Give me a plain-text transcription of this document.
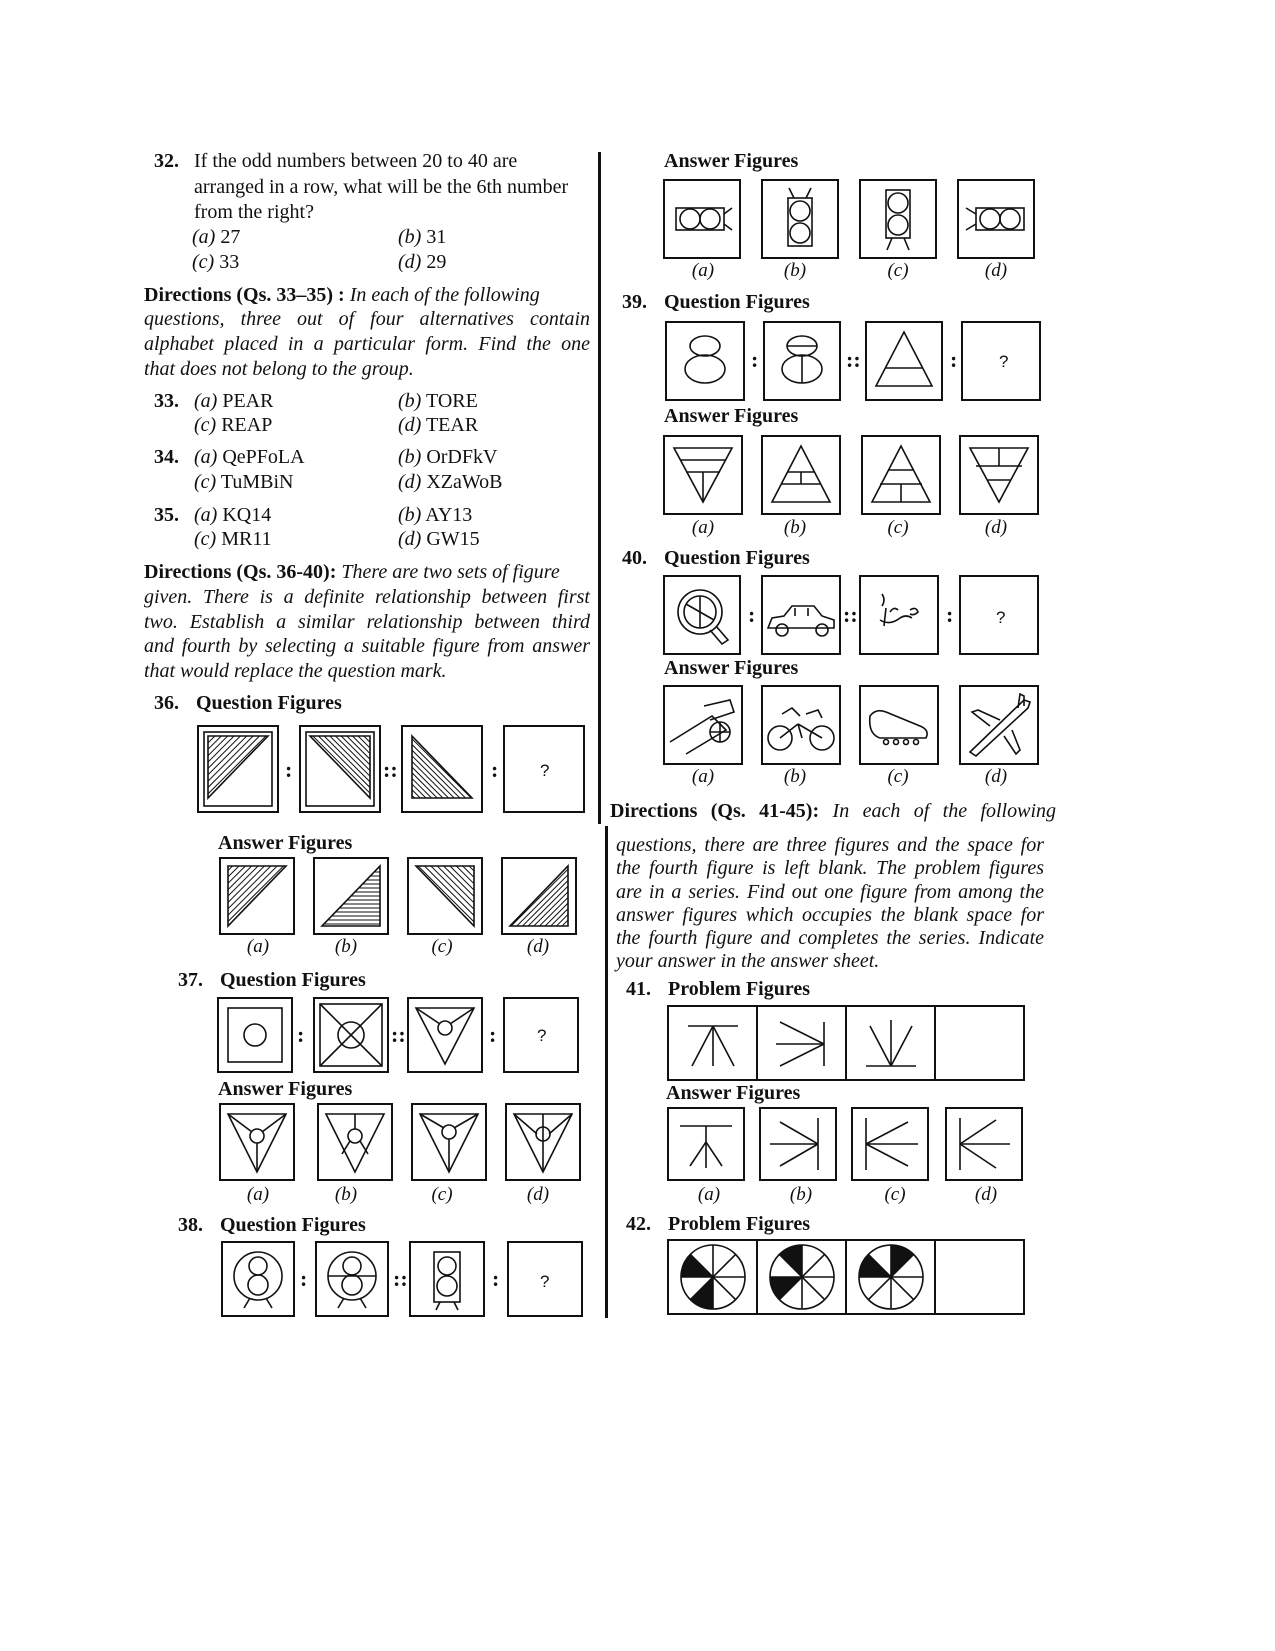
32. If the odd numbers between 20 to 40 are
arranged in a row, what will be the 6th number
from the right?
(a) 27	(b) 31
(c) 33	(d) 29
Directions (Qs. 33–35) : In each of the following
questions, three out of four alternatives contain
alphabet placed in a particular form. Find the one
that does not belong to the group.
33. (a) PEAR	(b) TORE
(c) REAP	(d) TEAR
34. (a) QePFoLA	(b) OrDFkV
(c) TuMBiN	(d) XZaWoB
35. (a) KQ14	(b) AY13
(c) MR11	(d) GW15
Directions (Qs. 36-40): There are two sets of figure
given. There is a definite relationship between first
two. Establish a similar relationship between third
and fourth by selecting a suitable figure from answer
that would replace the question mark.
36. Question Figures
:	::	: ?
Answer Figures
(a)	(b)	(c)	(d)
37. Question Figures
:	::	: ?
Answer Figures
(a)	(b)	(c)	(d)
38. Question Figures
:	::	: ?
Answer Figures
(a)	(b)	(c)	(d)
39. Question Figures
:	::	: ?
Answer Figures
(a)	(b)	(c)	(d)
40. Question Figures
:	::	:	?
Answer Figures
(a)	(b)	(c)	(d)
Directions (Qs. 41-45): In each of the following
questions, there are three figures and the space for
the fourth figure is left blank. The problem figures
are in a series. Find out one figure from among the
answer figures which occupies the blank space for
the fourth figure and completes the series. Indicate
your answer in the answer sheet.
41. Problem Figures
Answer Figures
(a)	(b)	(c)	(d)
42. Problem Figures
